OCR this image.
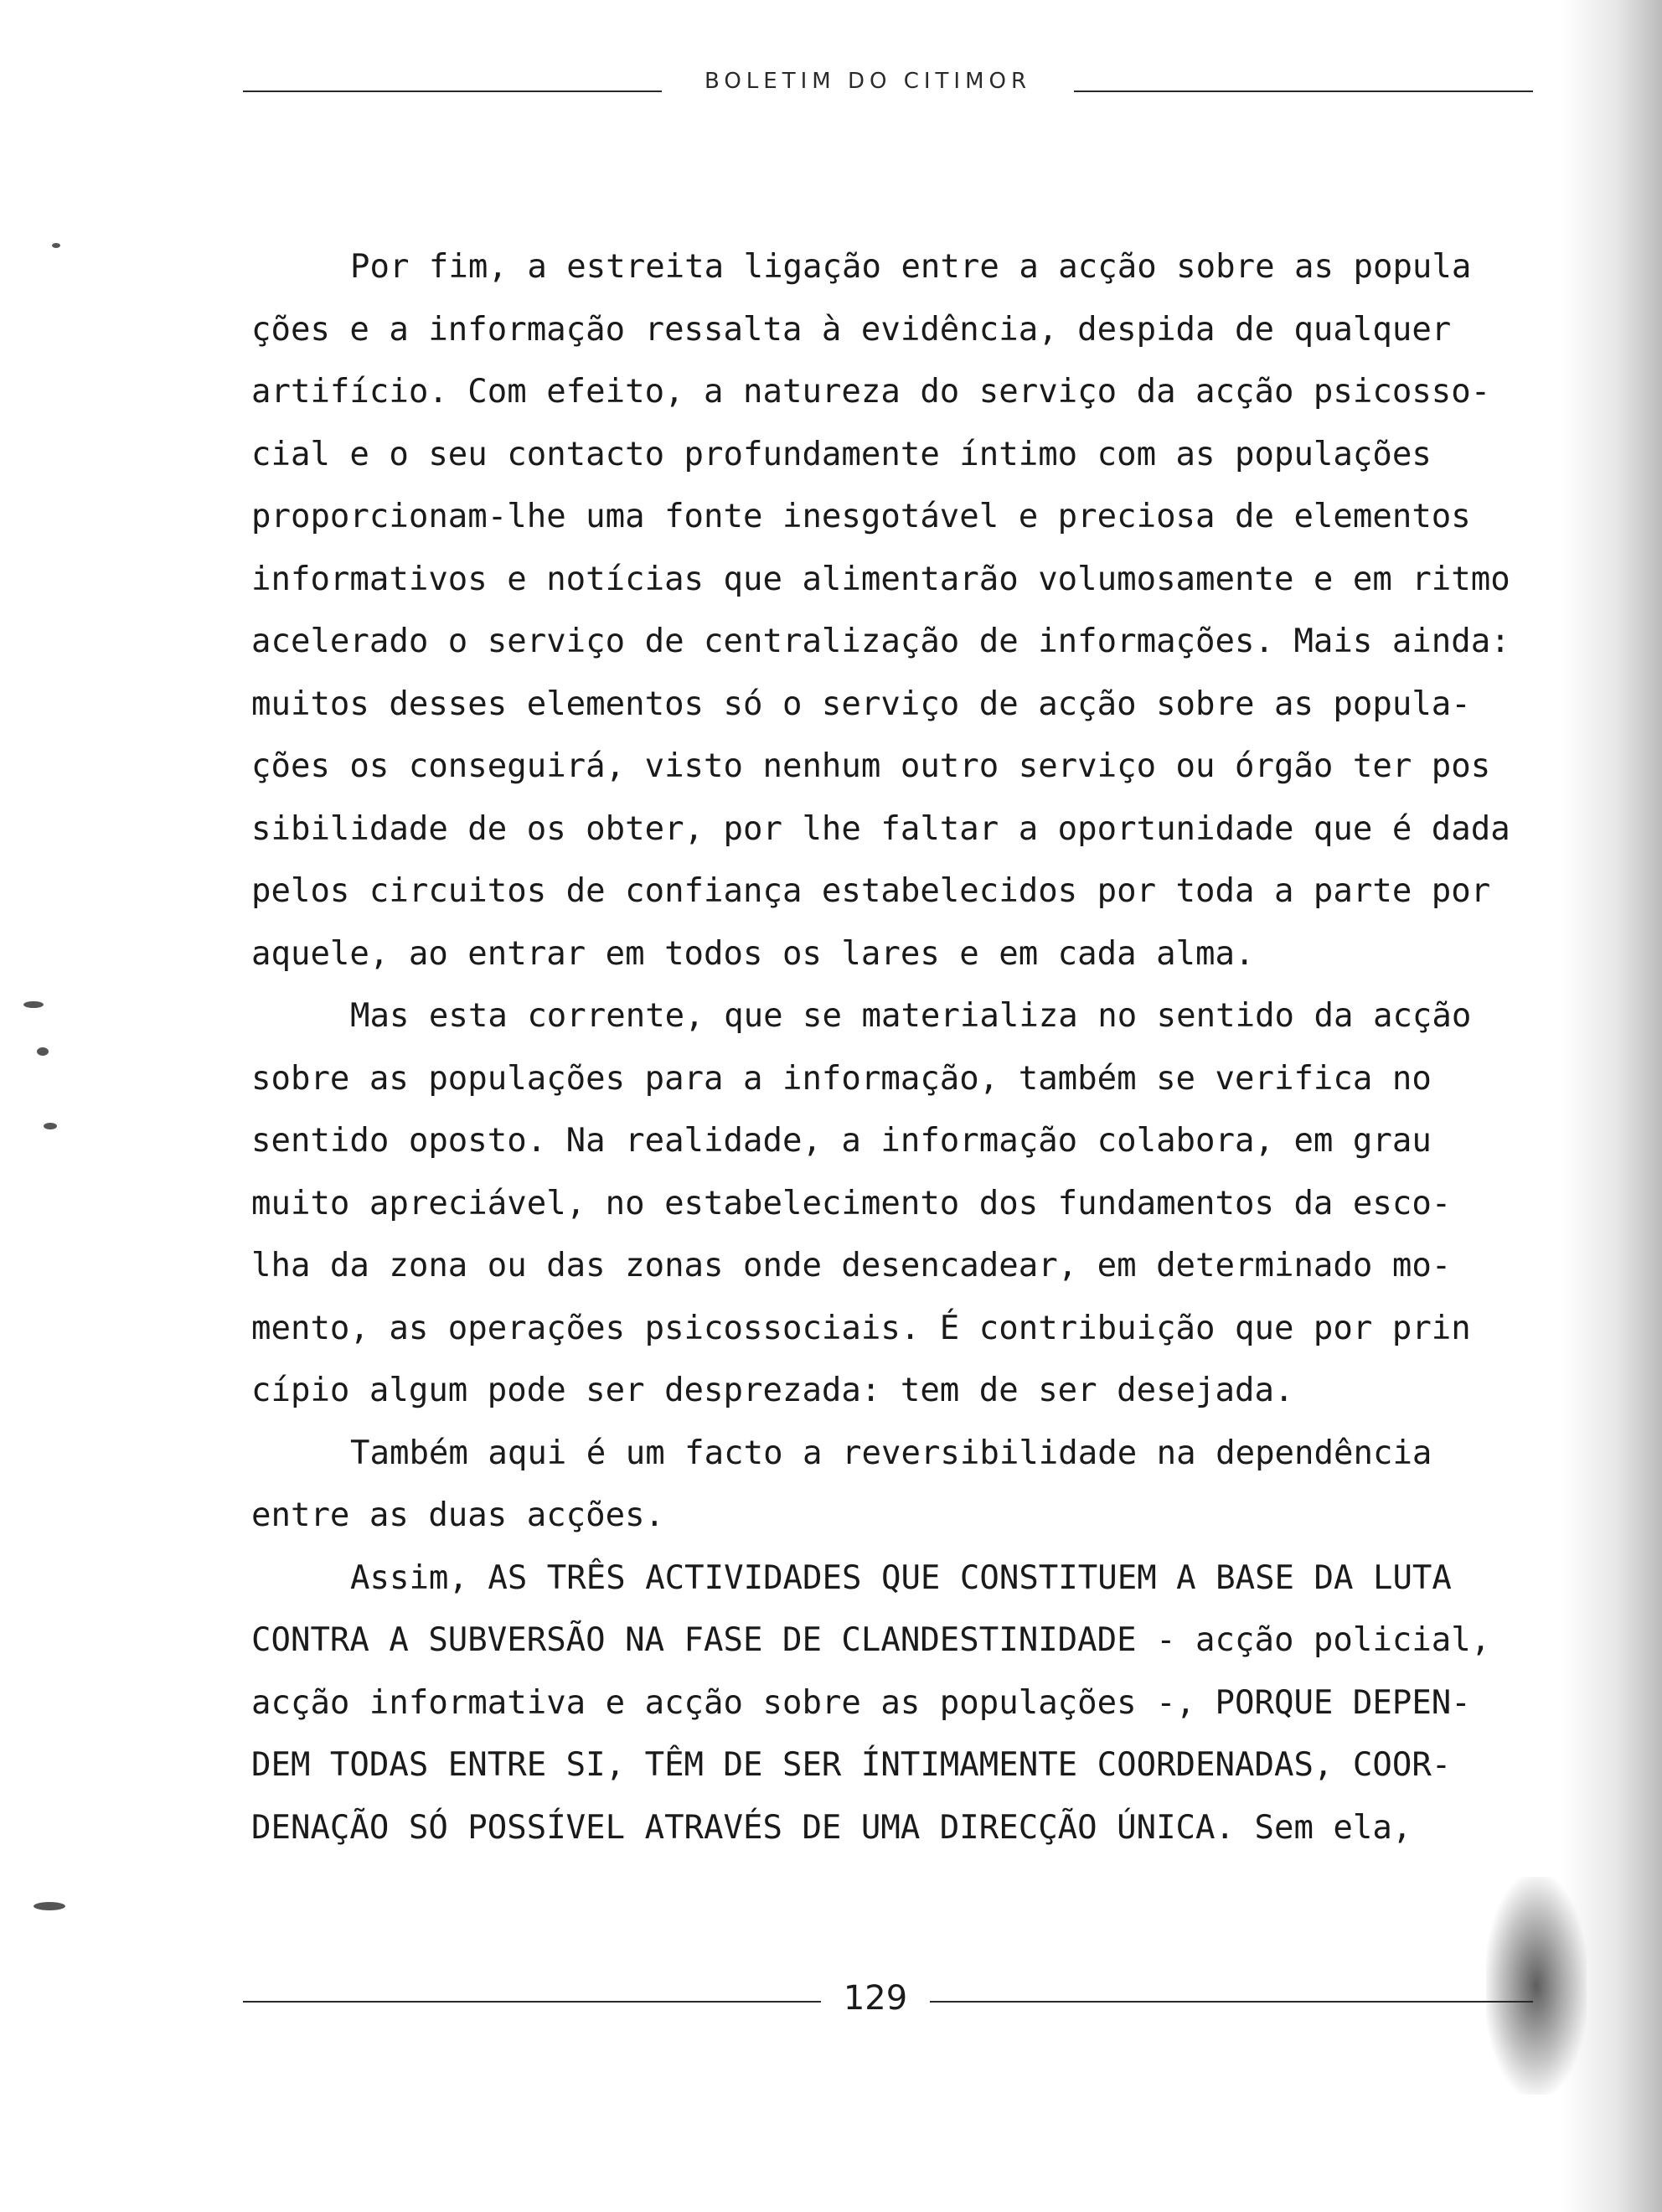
BOLETIM DO CITIMOR

Por fim, a estreita ligação entre a acção sobre as popula
ções e a informação ressalta à evidência, despida de qualquer
artifício. Com efeito, a natureza do serviço da acção psicosso-
cial e o seu contacto profundamente íntimo com as populações
proporcionam-lhe uma fonte inesgotável e preciosa de elementos
informativos e notícias que alimentarão volumosamente e em ritmo
acelerado o serviço de centralização de informações. Mais ainda:
muitos desses elementos só o serviço de acção sobre as popula-
ções os conseguirá, visto nenhum outro serviço ou órgão ter pos
sibilidade de os obter, por lhe faltar a oportunidade que é dada
pelos circuitos de confiança estabelecidos por toda a parte por
aquele, ao entrar em todos os lares e em cada alma.

Mas esta corrente, que se materializa no sentido da acção
sobre as populações para a informação, também se verifica no
sentido oposto. Na realidade, a informação colabora, em grau
muito apreciável, no estabelecimento dos fundamentos da esco-
lha da zona ou das zonas onde desencadear, em determinado mo-
mento, as operações psicossociais. É contribuição que por prin
cípio algum pode ser desprezada: tem de ser desejada.

Também aqui é um facto a reversibilidade na dependência
entre as duas acções.

Assim, AS TRÊS ACTIVIDADES QUE CONSTITUEM A BASE DA LUTA
CONTRA A SUBVERSÃO NA FASE DE CLANDESTINIDADE - acção policial,
acção informativa e acção sobre as populações -, PORQUE DEPEN-
DEM TODAS ENTRE SI, TÊM DE SER ÍNTIMAMENTE COORDENADAS, COOR-
DENAÇÃO SÓ POSSÍVEL ATRAVÉS DE UMA DIRECÇÃO ÚNICA. Sem ela,

129
